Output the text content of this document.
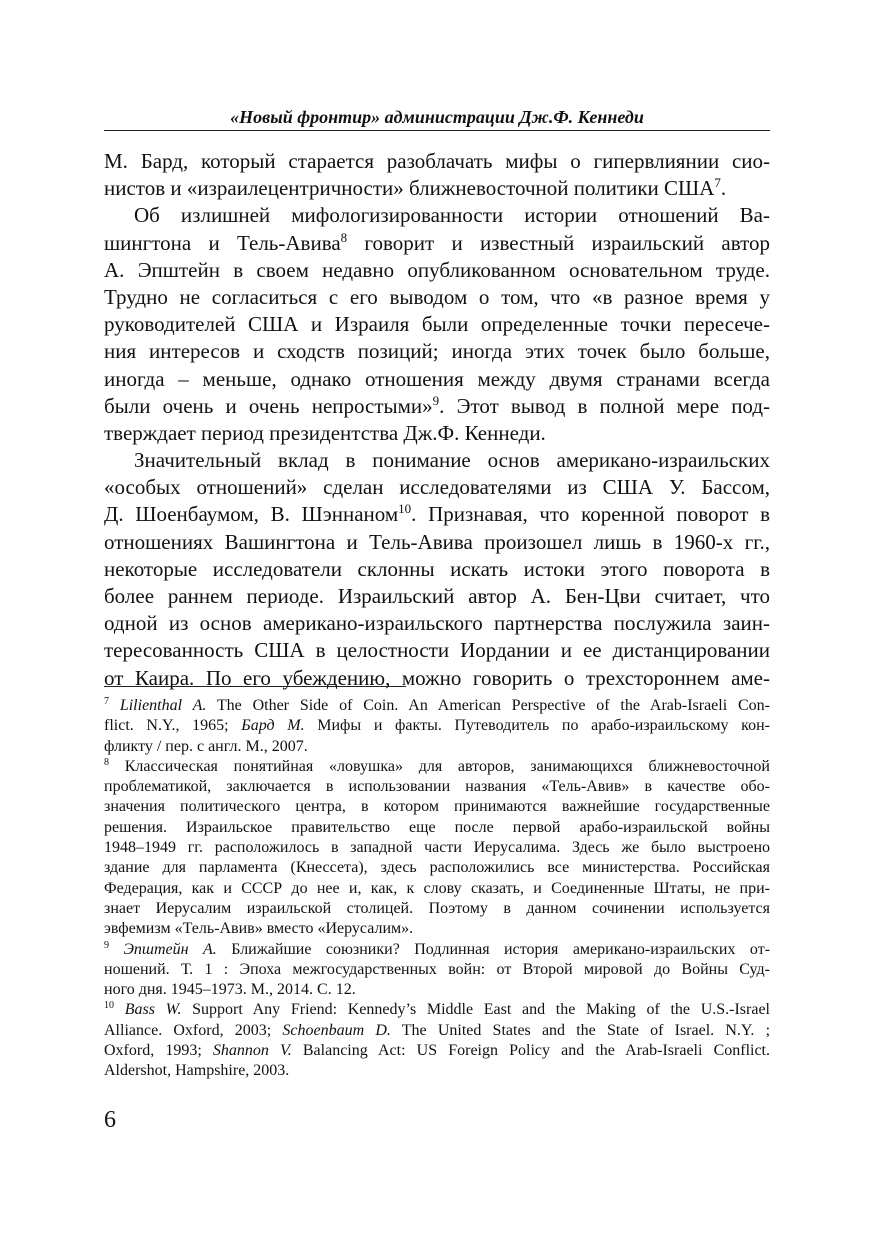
«Новый фронтир» администрации Дж.Ф. Кеннеди
М. Бард, который старается разоблачать мифы о гипервлиянии сио-
нистов и «израилецентричности» ближневосточной политики США$^7$.
Об излишней мифологизированности истории отношений Ва-
шингтона и Тель-Авива$^8$ говорит и известный израильский автор
А. Эпштейн в своем недавно опубликованном основательном труде.
Трудно не согласиться с его выводом о том, что «в разное время у
руководителей США и Израиля были определенные точки пересече-
ния интересов и сходств позиций; иногда этих точек было больше,
иногда – меньше, однако отношения между двумя странами всегда
были очень и очень непростыми»$^9$. Этот вывод в полной мере под-
тверждает период президентства Дж.Ф. Кеннеди.
Значительный вклад в понимание основ американо-израильских
«особых отношений» сделан исследователями из США У. Бассом,
Д. Шоенбаумом, В. Шэннаном$^{10}$. Признавая, что коренной поворот в
отношениях Вашингтона и Тель-Авива произошел лишь в 1960-х гг.,
некоторые исследователи склонны искать истоки этого поворота в
более раннем периоде. Израильский автор А. Бен-Цви считает, что
одной из основ американо-израильского партнерства послужила заин-
тересованность США в целостности Иордании и ее дистанцировании
от Каира. По его убеждению, можно говорить о трехстороннем аме-
$^7$ Lilienthal A. The Other Side of Coin. An American Perspective of the Arab-Israeli Con-
flict. N.Y., 1965; Бард М. Мифы и факты. Путеводитель по арабо-израильскому кон-
фликту / пер. с англ. М., 2007.
$^8$ Классическая понятийная «ловушка» для авторов, занимающихся ближневосточной
проблематикой, заключается в использовании названия «Тель-Авив» в качестве обо-
значения политического центра, в котором принимаются важнейшие государственные
решения. Израильское правительство еще после первой арабо-израильской войны
1948–1949 гг. расположилось в западной части Иерусалима. Здесь же было выстроено
здание для парламента (Кнессета), здесь расположились все министерства. Российская
Федерация, как и СССР до нее и, как, к слову сказать, и Соединенные Штаты, не при-
знает Иерусалим израильской столицей. Поэтому в данном сочинении используется
эвфемизм «Тель-Авив» вместо «Иерусалим».
$^9$ Эпштейн А. Ближайшие союзники? Подлинная история американо-израильских от-
ношений. Т. 1 : Эпоха межгосударственных войн: от Второй мировой до Войны Суд-
ного дня. 1945–1973. М., 2014. С. 12.
$^{10}$ Bass W. Support Any Friend: Kennedy’s Middle East and the Making of the U.S.-Israel
Alliance. Oxford, 2003; Schoenbaum D. The United States and the State of Israel. N.Y. ;
Oxford, 1993; Shannon V. Balancing Act: US Foreign Policy and the Arab-Israeli Conflict.
Aldershot, Hampshire, 2003.
6
